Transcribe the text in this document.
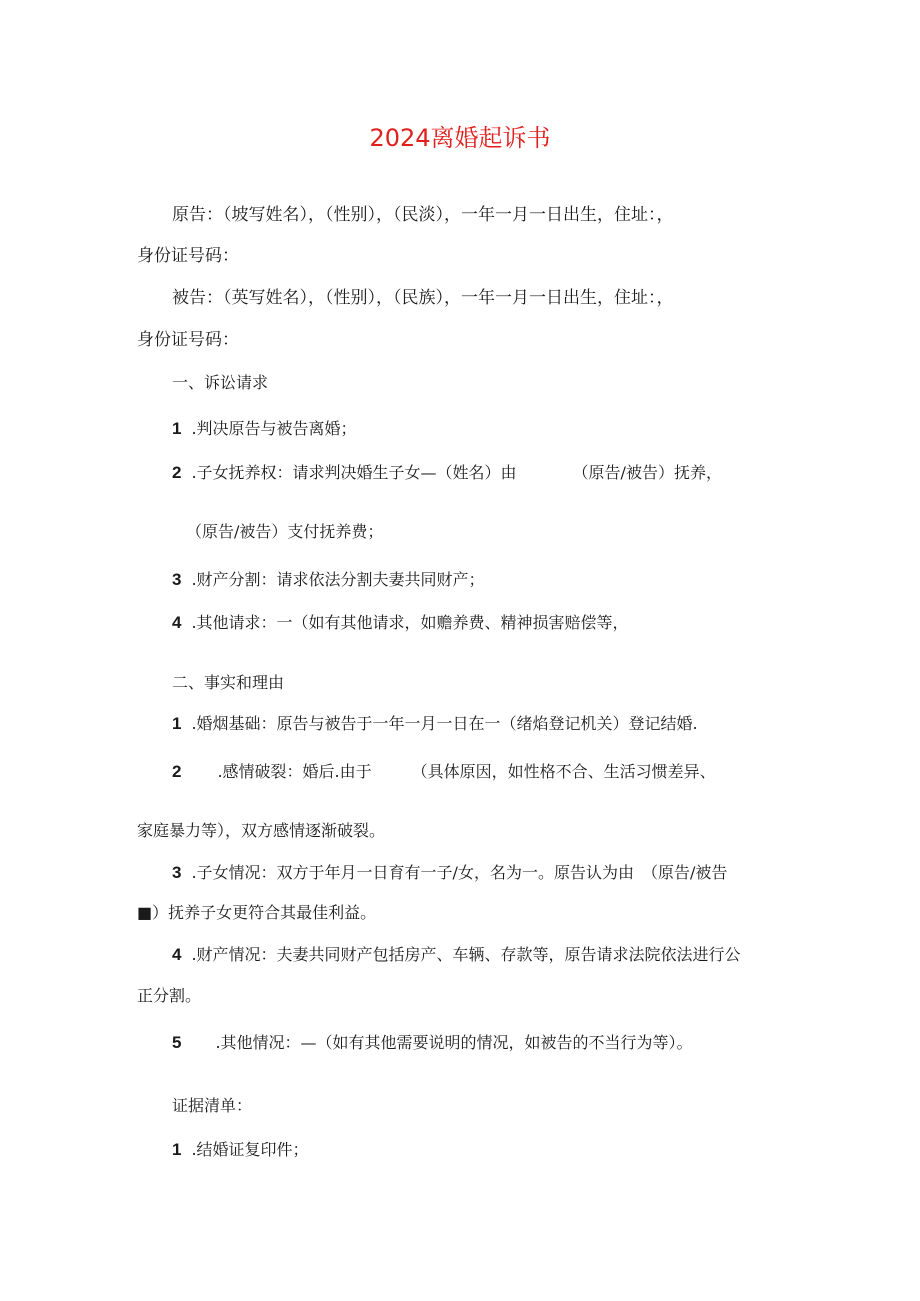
2024离婚起诉书
原告：（坡写姓名），（性别），（民淡），一年一月一日出生，住址：，
身份证号码：
被告：（英写姓名），（性别），（民族），一年一月一日出生，住址：，
身份证号码：
一、诉讼请求
1 .判决原告与被告离婚；
2 .子女抚养权：请求判决婚生子女—（姓名）由　　　　（原告/被告）抚养，
（原告/被告）支付抚养费；
3 .财产分割：请求依法分割夫妻共同财产；
4 .其他请求：一（如有其他请求，如赡养费、精神损害赔偿等，
二、事实和理由
1 .婚烟基础：原告与被告于一年一月一日在一（绪焰登记机关）登记结婚.
2 .感情破裂：婚后.由于　　　（具体原因，如性格不合、生活习惯差异、
家庭暴力等），双方感情逐渐破裂。
3 .子女情况：双方于年月一日育有一子/女，名为一。原告认为由　（原告/被告
■）抚养子女更符合其最佳利益。
4 .财产情况：夫妻共同财产包括房产、车辆、存款等，原告请求法院依法进行公
正分割。
5 .其他情况：—（如有其他需要说明的情况，如被告的不当行为等）。
证据清单：
1 .结婚证复印件；
